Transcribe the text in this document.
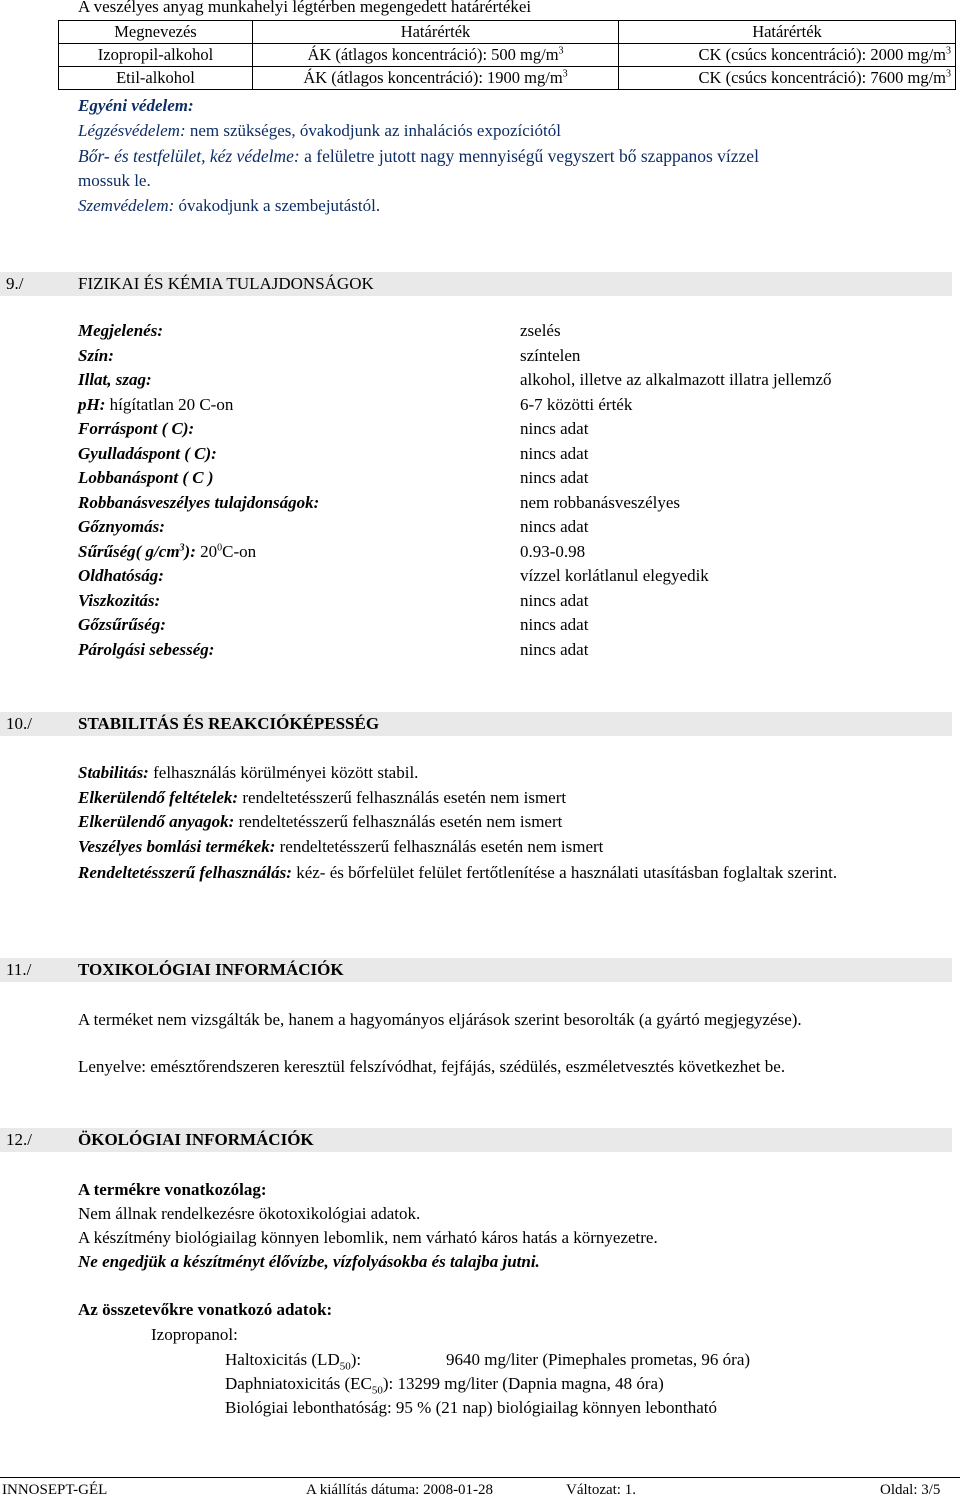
A veszélyes anyag munkahelyi légtérben megengedett határértékei
Megnevezés	Határérték	Határérték
Izopropil-alkohol	ÁK (átlagos koncentráció): 500 $mg/m^3$	CK (csúcs koncentráció): 2000 $mg/m^3$
Etil-alkohol	ÁK (átlagos koncentráció): 1900 $mg/m^3$	CK (csúcs koncentráció): 7600 $mg/m^3$
Egyéni védelem:
Légzésvédelem: nem szükséges, óvakodjunk az inhalációs expozíciótól
Bőr- és testfelület, kéz védelme: a felületre jutott nagy mennyiségű vegyszert bő szappanos vízzel
mossuk le.
Szemvédelem: óvakodjunk a szembejutástól.
9./	FIZIKAI ÉS KÉMIA TULAJDONSÁGOK
Megjelenés:	zselés
Szín:	színtelen
Illat, szag:	alkohol, illetve az alkalmazott illatra jellemző
pH: hígítatlan 20 C-on	6-7 közötti érték
Forráspont ( C):	nincs adat
Gyulladáspont ( C):	nincs adat
Lobbanáspont ( C )	nincs adat
Robbanásveszélyes tulajdonságok:	nem robbanásveszélyes
Gőznyomás:	nincs adat
Sűrűség( $g/cm^3$): $20^0C-on$	0.93-0.98
Oldhatóság:	vízzel korlátlanul elegyedik
Viszkozitás:	nincs adat
Gőzsűrűség:	nincs adat
Párolgási sebesség:	nincs adat
10./	STABILITÁS ÉS REAKCIÓKÉPESSÉG
Stabilitás: felhasználás körülményei között stabil.
Elkerülendő feltételek: rendeltetésszerű felhasználás esetén nem ismert
Elkerülendő anyagok: rendeltetésszerű felhasználás esetén nem ismert
Veszélyes bomlási termékek: rendeltetésszerű felhasználás esetén nem ismert
Rendeltetésszerű felhasználás: kéz- és bőrfelület felület fertőtlenítése a használati utasításban foglaltak szerint.
11./	TOXIKOLÓGIAI INFORMÁCIÓK
A terméket nem vizsgálták be, hanem a hagyományos eljárások szerint besorolták (a gyártó megjegyzése).
Lenyelve: emésztőrendszeren keresztül felszívódhat, fejfájás, szédülés, eszméletvesztés következhet be.
12./	ÖKOLÓGIAI INFORMÁCIÓK
A termékre vonatkozólag:
Nem állnak rendelkezésre ökotoxikológiai adatok.
A készítmény biológiailag könnyen lebomlik, nem várható káros hatás a környezetre.
Ne engedjük a készítményt élővízbe, vízfolyásokba és talajba jutni.
Az összetevőkre vonatkozó adatok:
Izopropanol:
Haltoxicitás $(LD_{50})$:	9640 mg/liter (Pimephales prometas, 96 óra)
Daphniatoxicitás $(EC_{50})$: 13299 mg/liter (Dapnia magna, 48 óra)
Biológiai lebonthatóság: 95 % (21 nap) biológiailag könnyen lebontható
INNOSEPT-GÉL	A kiállítás dátuma: 2008-01-28	Változat: 1.	Oldal: 3/5
